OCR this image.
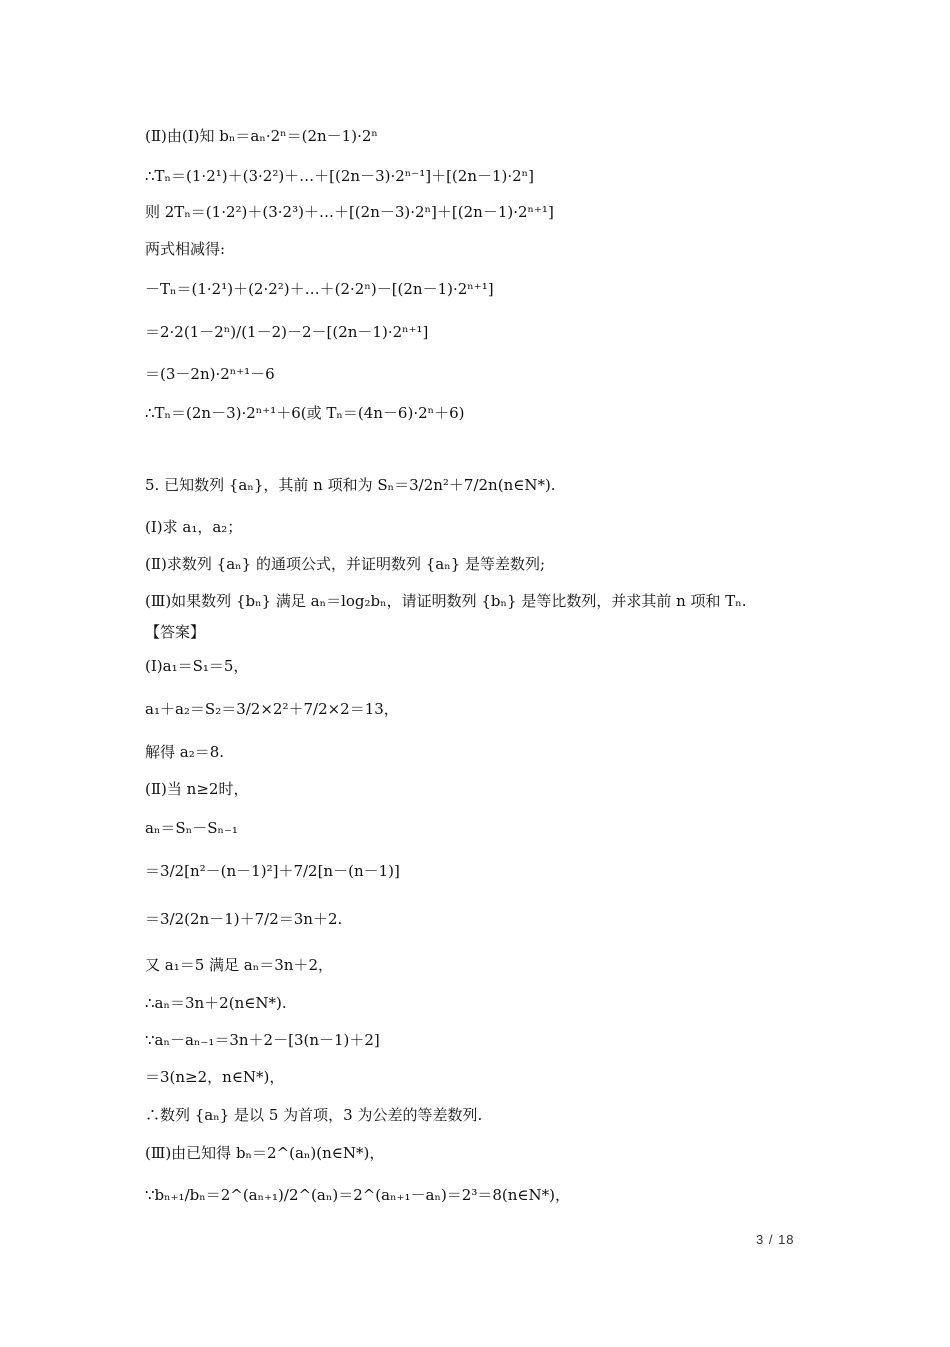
(Ⅱ)由(Ⅰ)知 bₙ＝aₙ·2ⁿ＝(2n－1)·2ⁿ
∴Tₙ＝(1·2¹)＋(3·2²)＋…＋[(2n－3)·2ⁿ⁻¹]＋[(2n－1)·2ⁿ]
则 2Tₙ＝(1·2²)＋(3·2³)＋…＋[(2n－3)·2ⁿ]＋[(2n－1)·2ⁿ⁺¹]
两式相减得:
－Tₙ＝(1·2¹)＋(2·2²)＋…＋(2·2ⁿ)－[(2n－1)·2ⁿ⁺¹]
＝2·2(1－2ⁿ)/(1－2)－2－[(2n－1)·2ⁿ⁺¹]
＝(3－2n)·2ⁿ⁺¹－6
∴Tₙ＝(2n－3)·2ⁿ⁺¹＋6(或 Tₙ＝(4n－6)·2ⁿ＋6)
5. 已知数列 {aₙ}，其前 n 项和为 Sₙ＝3/2n²＋7/2n(n∈N*).
(Ⅰ)求 a₁，a₂；
(Ⅱ)求数列 {aₙ} 的通项公式，并证明数列 {aₙ} 是等差数列;
(Ⅲ)如果数列 {bₙ} 满足 aₙ＝log₂bₙ，请证明数列 {bₙ} 是等比数列，并求其前 n 项和 Tₙ.
【答案】
(Ⅰ)a₁＝S₁＝5，
a₁＋a₂＝S₂＝3/2×2²＋7/2×2＝13，
解得 a₂＝8.
(Ⅱ)当 n≥2时，
aₙ＝Sₙ－Sₙ₋₁
＝3/2[n²－(n－1)²]＋7/2[n－(n－1)]
＝3/2(2n－1)＋7/2＝3n＋2.
又 a₁＝5 满足 aₙ＝3n＋2，
∴aₙ＝3n＋2(n∈N*).
∵aₙ－aₙ₋₁＝3n＋2－[3(n－1)＋2]
＝3(n≥2，n∈N*)，
∴数列 {aₙ} 是以 5 为首项，3 为公差的等差数列.
(Ⅲ)由已知得 bₙ＝2^(aₙ)(n∈N*)，
∵bₙ₊₁/bₙ＝2^(aₙ₊₁)/2^(aₙ)＝2^(aₙ₊₁－aₙ)＝2³＝8(n∈N*)，
3 / 18
